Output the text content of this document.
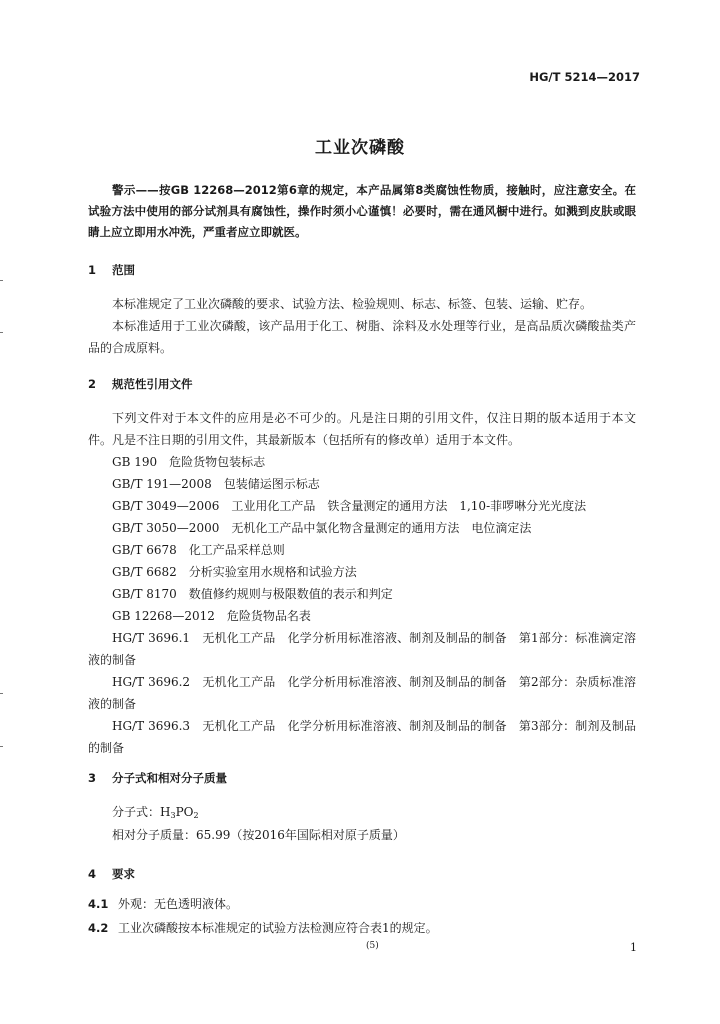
HG/T 5214—2017
工业次磷酸
警示——按GB 12268—2012第6章的规定，本产品属第8类腐蚀性物质，接触时，应注意安全。在试验方法中使用的部分试剂具有腐蚀性，操作时须小心谨慎！必要时，需在通风橱中进行。如溅到皮肤或眼睛上应立即用水冲洗，严重者应立即就医。
1 范围
本标准规定了工业次磷酸的要求、试验方法、检验规则、标志、标签、包装、运输、贮存。
本标准适用于工业次磷酸，该产品用于化工、树脂、涂料及水处理等行业，是高品质次磷酸盐类产品的合成原料。
2 规范性引用文件
下列文件对于本文件的应用是必不可少的。凡是注日期的引用文件，仅注日期的版本适用于本文件。凡是不注日期的引用文件，其最新版本（包括所有的修改单）适用于本文件。
GB 190　危险货物包装标志
GB/T 191—2008　包装储运图示标志
GB/T 3049—2006　工业用化工产品　铁含量测定的通用方法　1,10-菲啰啉分光光度法
GB/T 3050—2000　无机化工产品中氯化物含量测定的通用方法　电位滴定法
GB/T 6678　化工产品采样总则
GB/T 6682　分析实验室用水规格和试验方法
GB/T 8170　数值修约规则与极限数值的表示和判定
GB 12268—2012　危险货物品名表
HG/T 3696.1　无机化工产品　化学分析用标准溶液、制剂及制品的制备　第1部分：标准滴定溶液的制备
HG/T 3696.2　无机化工产品　化学分析用标准溶液、制剂及制品的制备　第2部分：杂质标准溶液的制备
HG/T 3696.3　无机化工产品　化学分析用标准溶液、制剂及制品的制备　第3部分：制剂及制品的制备
3 分子式和相对分子质量
分子式：$H_3PO_2$
相对分子质量：65.99（按2016年国际相对原子质量）
4 要求
4.1 外观：无色透明液体。
4.2 工业次磷酸按本标准规定的试验方法检测应符合表1的规定。
(5)	1
